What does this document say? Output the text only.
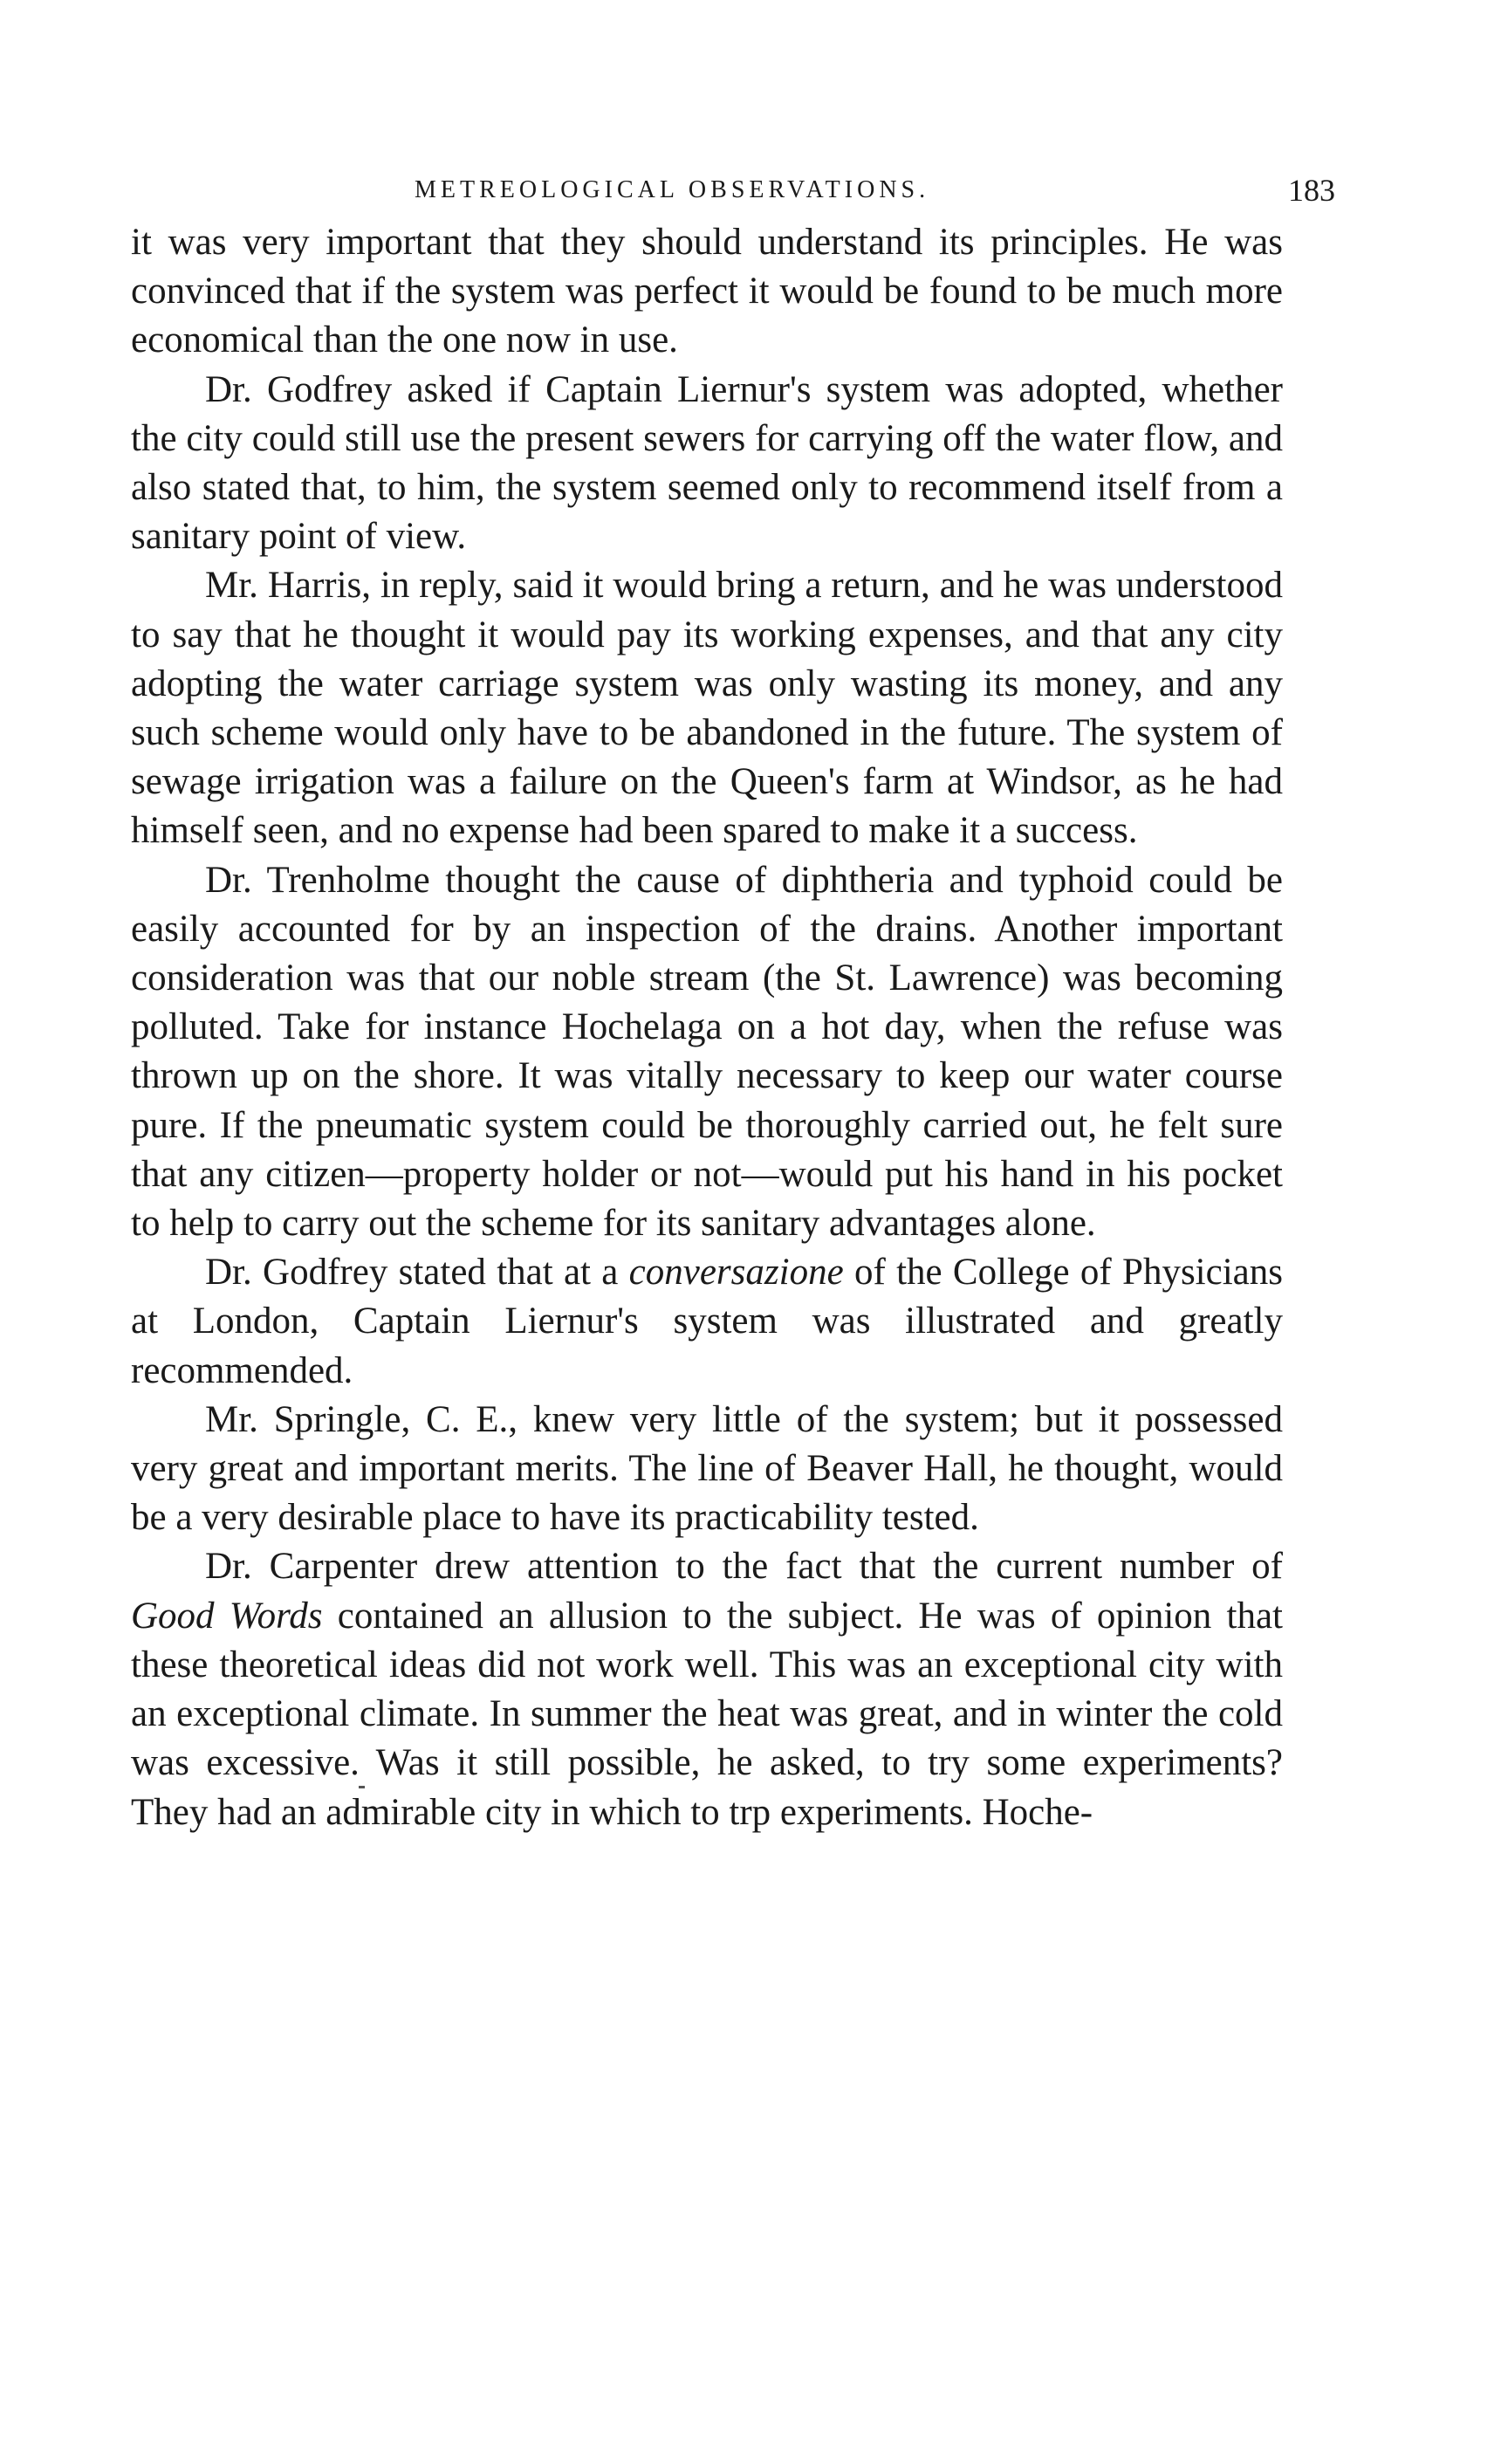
METREOLOGICAL OBSERVATIONS.	183

it was very important that they should understand its principles. He was convinced that if the system was perfect it would be found to be much more economical than the one now in use.

Dr. Godfrey asked if Captain Liernur's system was adopted, whether the city could still use the present sewers for carrying off the water flow, and also stated that, to him, the system seemed only to recommend itself from a sanitary point of view.

Mr. Harris, in reply, said it would bring a return, and he was understood to say that he thought it would pay its working expenses, and that any city adopting the water carriage system was only wasting its money, and any such scheme would only have to be abandoned in the future. The system of sewage irrigation was a failure on the Queen's farm at Windsor, as he had himself seen, and no expense had been spared to make it a success.

Dr. Trenholme thought the cause of diphtheria and typhoid could be easily accounted for by an inspection of the drains. Another important consideration was that our noble stream (the St. Lawrence) was becoming polluted. Take for instance Hochelaga on a hot day, when the refuse was thrown up on the shore. It was vitally necessary to keep our water course pure. If the pneumatic system could be thoroughly carried out, he felt sure that any citizen—property holder or not—would put his hand in his pocket to help to carry out the scheme for its sanitary advantages alone.

Dr. Godfrey stated that at a conversazione of the College of Physicians at London, Captain Liernur's system was illustrated and greatly recommended.

Mr. Springle, C. E., knew very little of the system; but it possessed very great and important merits. The line of Beaver Hall, he thought, would be a very desirable place to have its practicability tested.

Dr. Carpenter drew attention to the fact that the current number of Good Words contained an allusion to the subject. He was of opinion that these theoretical ideas did not work well. This was an exceptional city with an exceptional climate. In summer the heat was great, and in winter the cold was excessive. Was it still possible, he asked, to try some experiments? They had an admirable city in which to trp experiments. Hoche-
